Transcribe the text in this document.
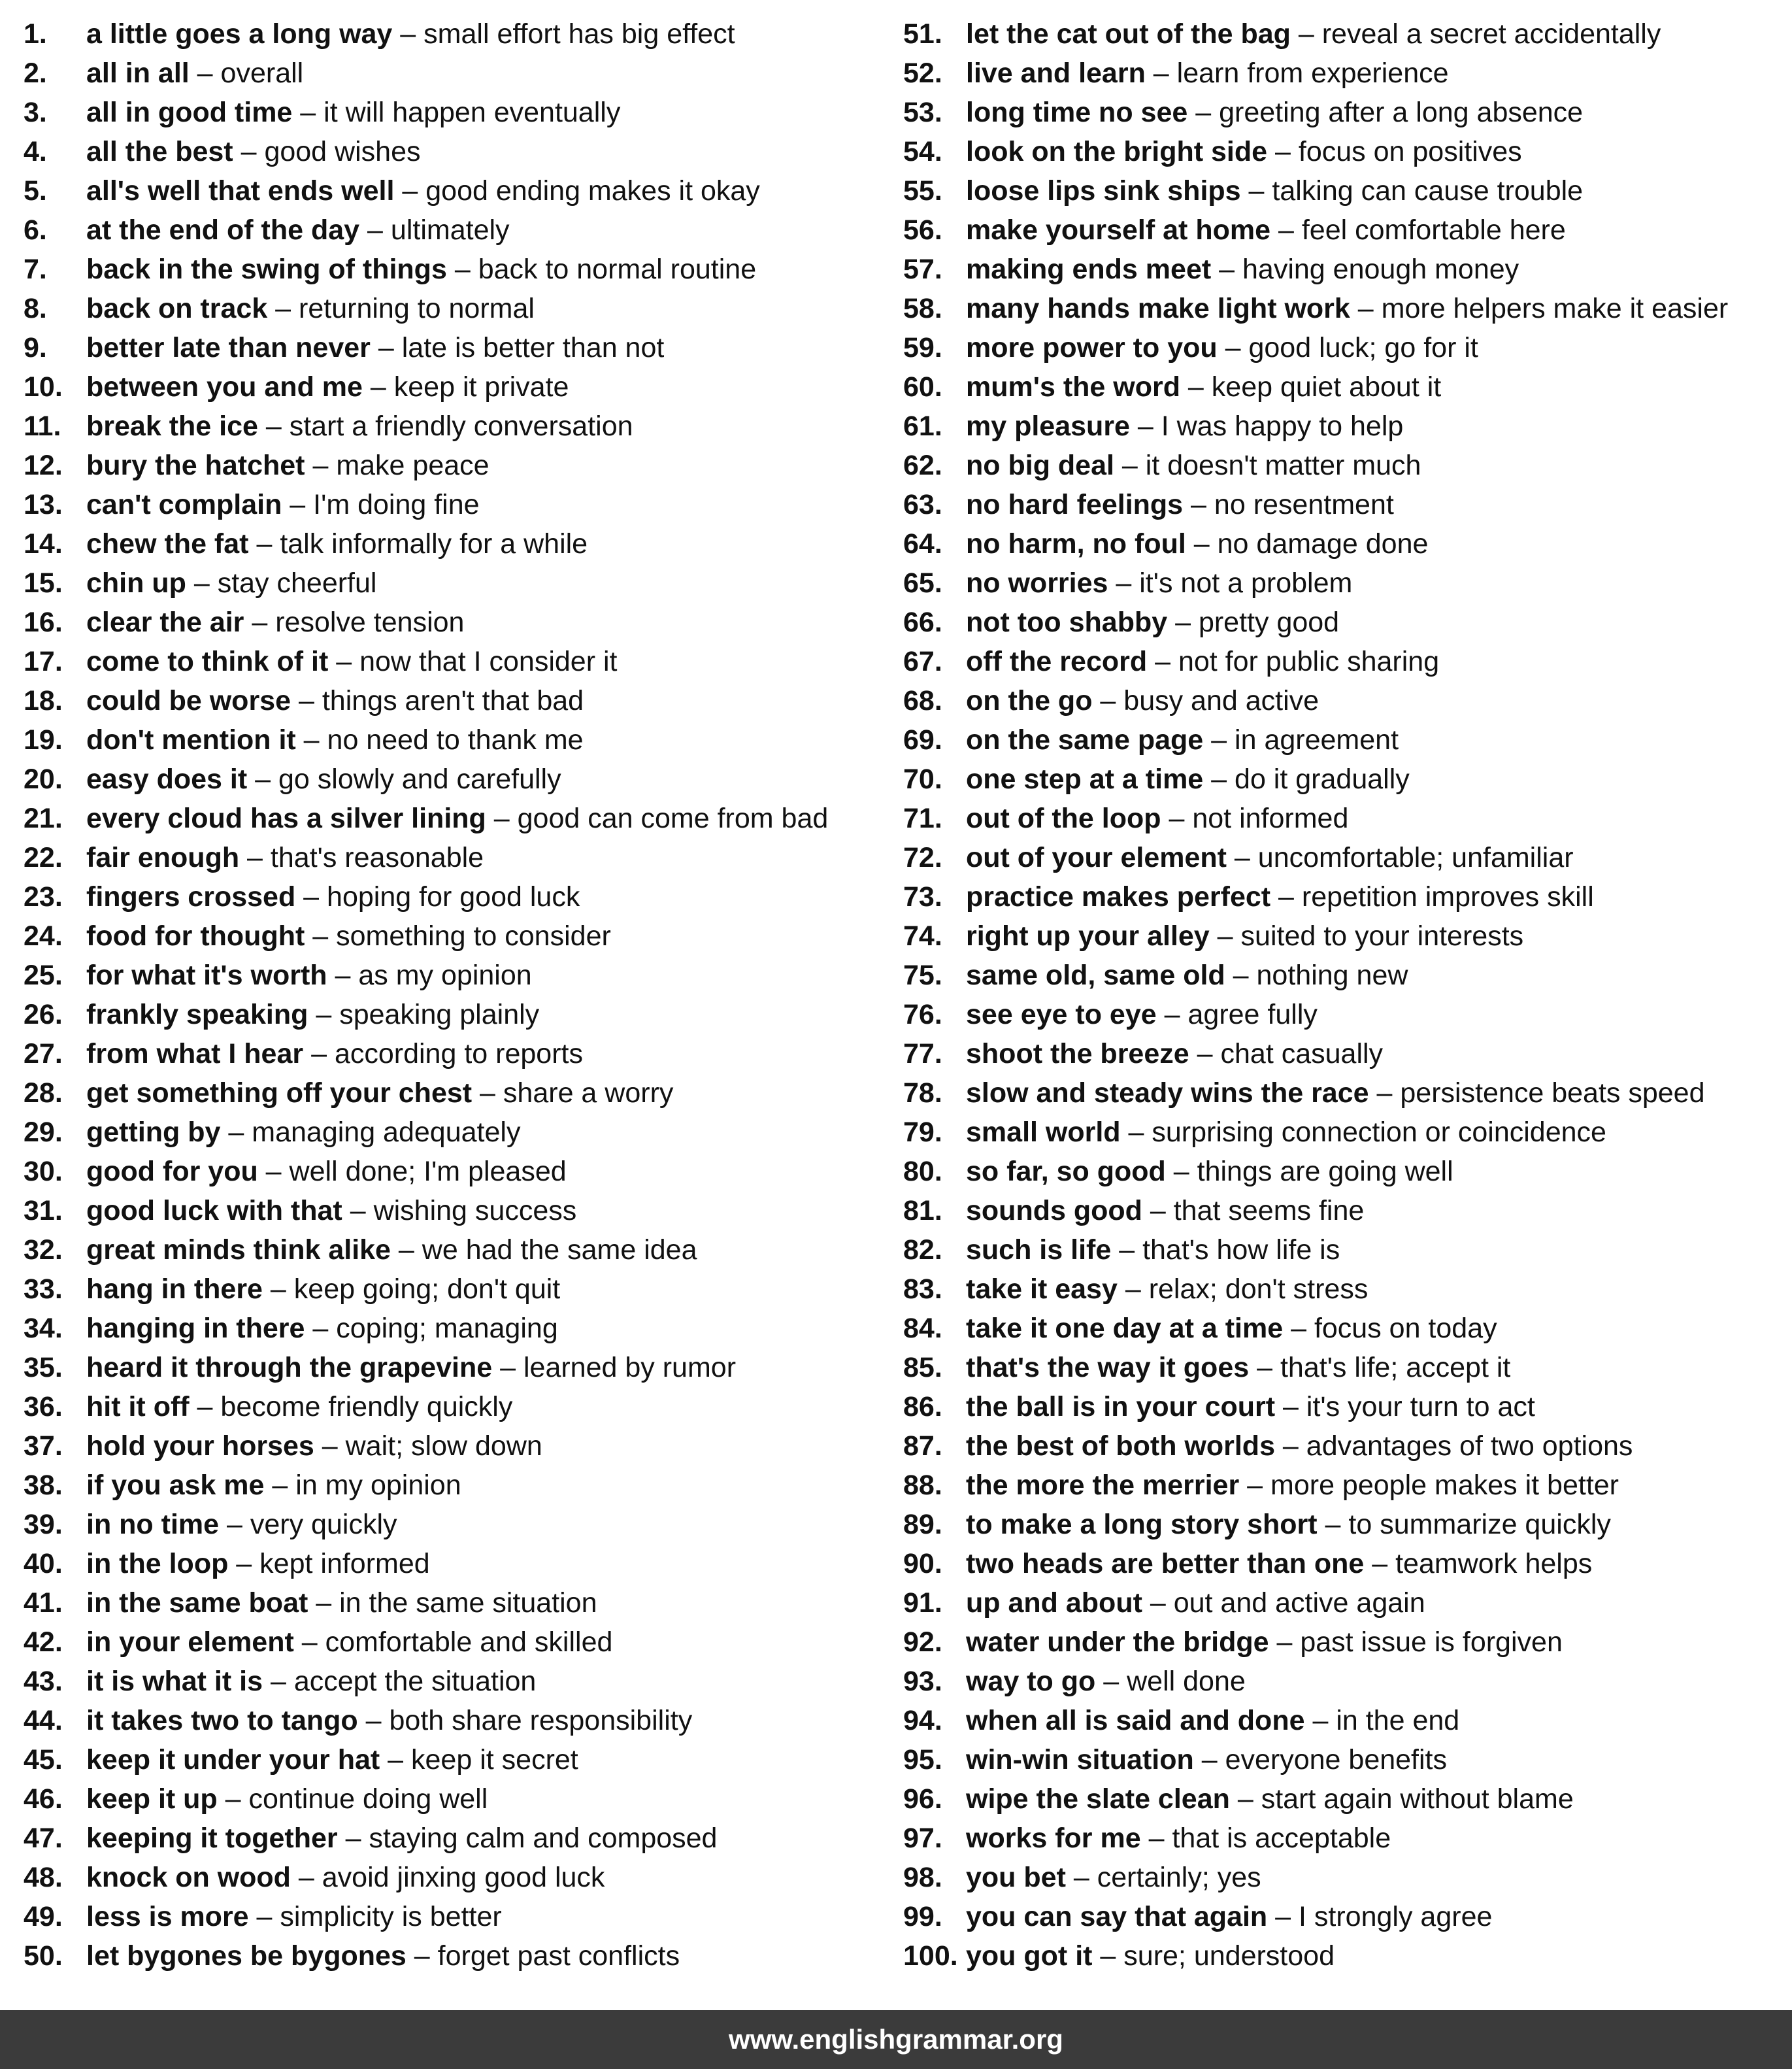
1.	a little goes a long way – small effort has big effect
2.	all in all – overall
3.	all in good time – it will happen eventually
4.	all the best – good wishes
5.	all's well that ends well – good ending makes it okay
6.	at the end of the day – ultimately
7.	back in the swing of things – back to normal routine
8.	back on track – returning to normal
9.	better late than never – late is better than not
10. between you and me – keep it private
11. break the ice – start a friendly conversation
12. bury the hatchet – make peace
13. can't complain – I'm doing fine
14. chew the fat – talk informally for a while
15. chin up – stay cheerful
16. clear the air – resolve tension
17. come to think of it – now that I consider it
18. could be worse – things aren't that bad
19. don't mention it – no need to thank me
20. easy does it – go slowly and carefully
21. every cloud has a silver lining – good can come from bad
22. fair enough – that's reasonable
23. fingers crossed – hoping for good luck
24. food for thought – something to consider
25. for what it's worth – as my opinion
26. frankly speaking – speaking plainly
27. from what I hear – according to reports
28. get something off your chest – share a worry
29. getting by – managing adequately
30. good for you – well done; I'm pleased
31. good luck with that – wishing success
32. great minds think alike – we had the same idea
33. hang in there – keep going; don't quit
34. hanging in there – coping; managing
35. heard it through the grapevine – learned by rumor
36. hit it off – become friendly quickly
37. hold your horses – wait; slow down
38. if you ask me – in my opinion
39. in no time – very quickly
40. in the loop – kept informed
41. in the same boat – in the same situation
42. in your element – comfortable and skilled
43. it is what it is – accept the situation
44. it takes two to tango – both share responsibility
45. keep it under your hat – keep it secret
46. keep it up – continue doing well
47. keeping it together – staying calm and composed
48. knock on wood – avoid jinxing good luck
49. less is more – simplicity is better
50. let bygones be bygones – forget past conflicts
51. let the cat out of the bag – reveal a secret accidentally
52. live and learn – learn from experience
53. long time no see – greeting after a long absence
54. look on the bright side – focus on positives
55. loose lips sink ships – talking can cause trouble
56. make yourself at home – feel comfortable here
57. making ends meet – having enough money
58. many hands make light work – more helpers make it easier
59. more power to you – good luck; go for it
60. mum's the word – keep quiet about it
61. my pleasure – I was happy to help
62. no big deal – it doesn't matter much
63. no hard feelings – no resentment
64. no harm, no foul – no damage done
65. no worries – it's not a problem
66. not too shabby – pretty good
67. off the record – not for public sharing
68. on the go – busy and active
69. on the same page – in agreement
70. one step at a time – do it gradually
71. out of the loop – not informed
72. out of your element – uncomfortable; unfamiliar
73. practice makes perfect – repetition improves skill
74. right up your alley – suited to your interests
75. same old, same old – nothing new
76. see eye to eye – agree fully
77. shoot the breeze – chat casually
78. slow and steady wins the race – persistence beats speed
79. small world – surprising connection or coincidence
80. so far, so good – things are going well
81. sounds good – that seems fine
82. such is life – that's how life is
83. take it easy – relax; don't stress
84. take it one day at a time – focus on today
85. that's the way it goes – that's life; accept it
86. the ball is in your court – it's your turn to act
87. the best of both worlds – advantages of two options
88. the more the merrier – more people makes it better
89. to make a long story short – to summarize quickly
90. two heads are better than one – teamwork helps
91. up and about – out and active again
92. water under the bridge – past issue is forgiven
93. way to go – well done
94. when all is said and done – in the end
95. win-win situation – everyone benefits
96. wipe the slate clean – start again without blame
97. works for me – that is acceptable
98. you bet – certainly; yes
99. you can say that again – I strongly agree
100. you got it – sure; understood
www.englishgrammar.org
